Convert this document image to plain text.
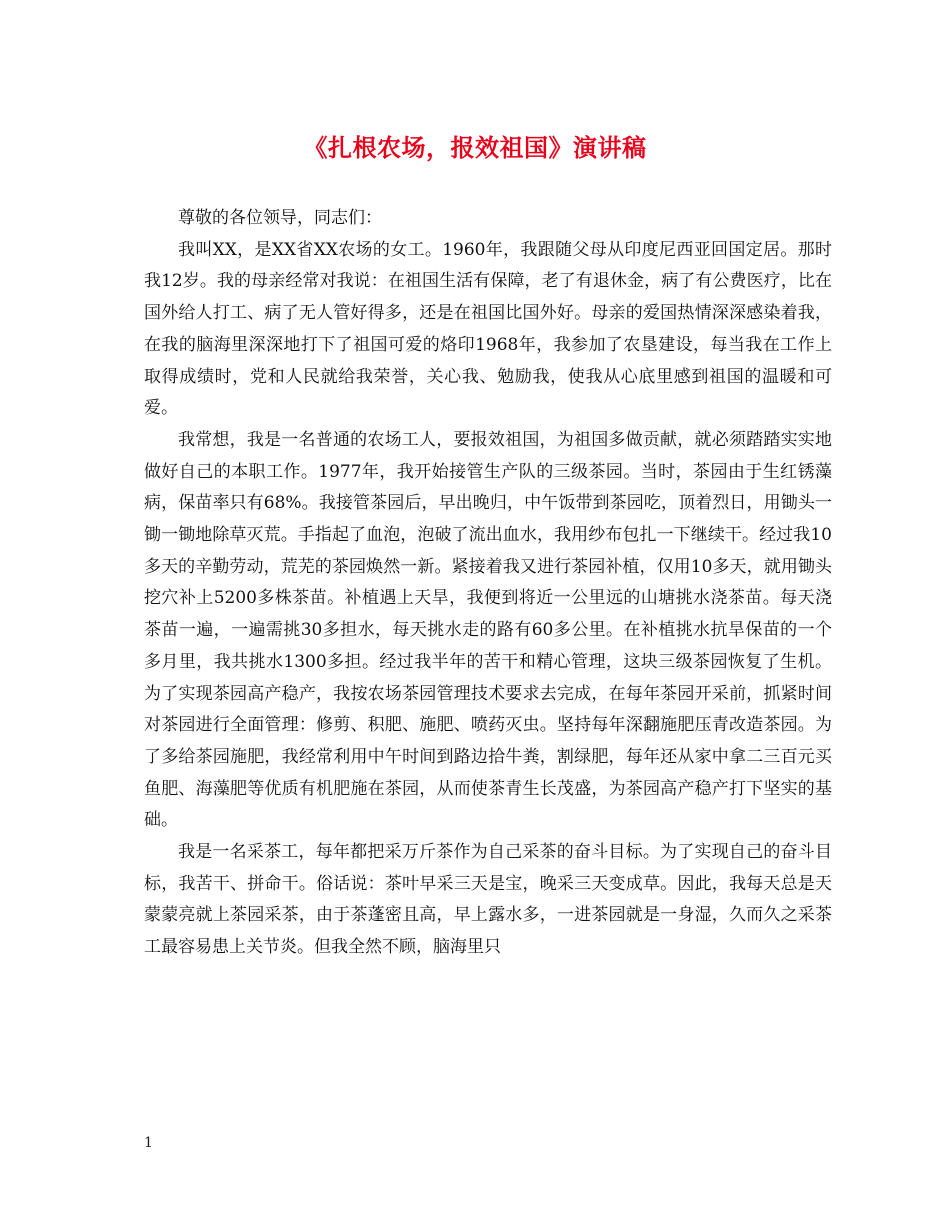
《扎根农场，报效祖国》演讲稿

尊敬的各位领导，同志们：

我叫XX，是XX省XX农场的女工。1960年，我跟随父母从印度尼西亚回国定居。那时我12岁。我的母亲经常对我说：在祖国生活有保障，老了有退休金，病了有公费医疗，比在国外给人打工、病了无人管好得多，还是在祖国比国外好。母亲的爱国热情深深感染着我，在我的脑海里深深地打下了祖国可爱的烙印1968年，我参加了农垦建设，每当我在工作上取得成绩时，党和人民就给我荣誉，关心我、勉励我，使我从心底里感到祖国的温暖和可爱。

我常想，我是一名普通的农场工人，要报效祖国，为祖国多做贡献，就必须踏踏实实地做好自己的本职工作。1977年，我开始接管生产队的三级茶园。当时，茶园由于生红锈藻病，保苗率只有68%。我接管茶园后，早出晚归，中午饭带到茶园吃，顶着烈日，用锄头一锄一锄地除草灭荒。手指起了血泡，泡破了流出血水，我用纱布包扎一下继续干。经过我10多天的辛勤劳动，荒芜的茶园焕然一新。紧接着我又进行茶园补植，仅用10多天，就用锄头挖穴补上5200多株茶苗。补植遇上天旱，我便到将近一公里远的山塘挑水浇茶苗。每天浇茶苗一遍，一遍需挑30多担水，每天挑水走的路有60多公里。在补植挑水抗旱保苗的一个多月里，我共挑水1300多担。经过我半年的苦干和精心管理，这块三级茶园恢复了生机。为了实现茶园高产稳产，我按农场茶园管理技术要求去完成，在每年茶园开采前，抓紧时间对茶园进行全面管理：修剪、积肥、施肥、喷药灭虫。坚持每年深翻施肥压青改造茶园。为了多给茶园施肥，我经常利用中午时间到路边拾牛粪，割绿肥，每年还从家中拿二三百元买鱼肥、海藻肥等优质有机肥施在茶园，从而使茶青生长茂盛，为茶园高产稳产打下坚实的基础。

我是一名采茶工，每年都把采万斤茶作为自己采茶的奋斗目标。为了实现自己的奋斗目标，我苦干、拼命干。俗话说：茶叶早采三天是宝，晚采三天变成草。因此，我每天总是天蒙蒙亮就上茶园采茶，由于茶蓬密且高，早上露水多，一进茶园就是一身湿，久而久之采茶工最容易患上关节炎。但我全然不顾，脑海里只

1
